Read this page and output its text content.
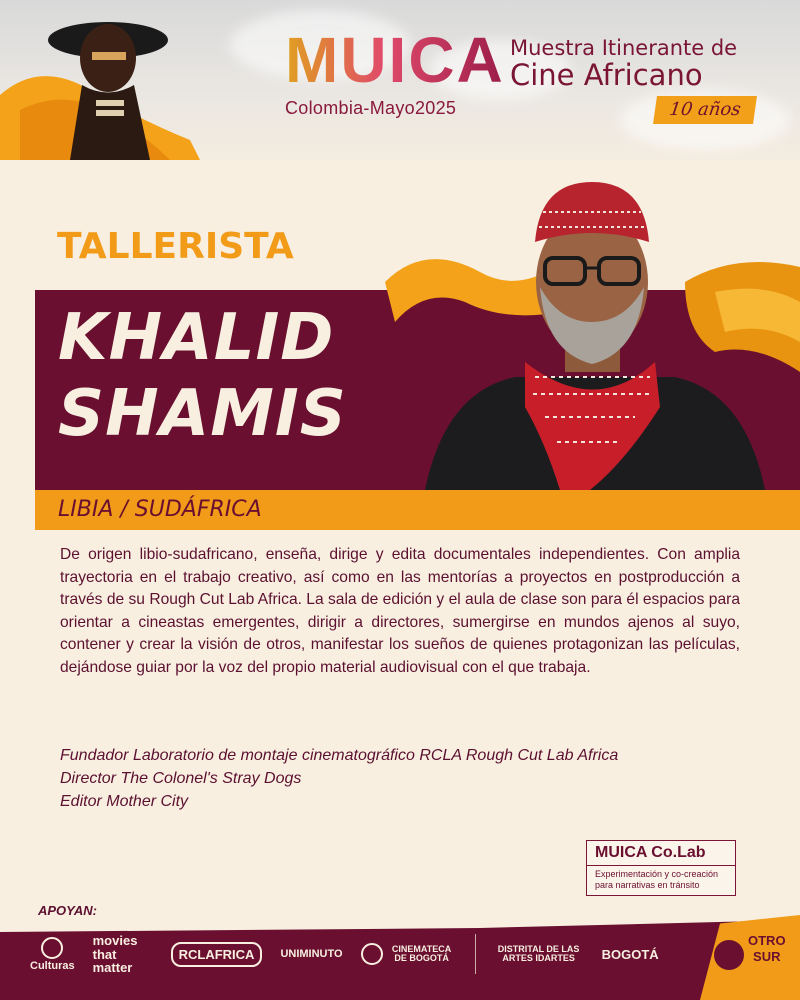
MUICA
Colombia-Mayo2025
Muestra Itinerante de
Cine Africano
10 años
TALLERISTA
KHALID
SHAMIS
LIBIA / SUDÁFRICA

De origen libio-sudafricano, enseña, dirige y edita documentales independientes. Con amplia trayectoria en el trabajo creativo, así como en las mentorías a proyectos en postproducción a través de su Rough Cut Lab Africa. La sala de edición y el aula de clase son para él espacios para orientar a cineastas emergentes, dirigir a directores, sumergirse en mundos ajenos al suyo, contener y crear la visión de otros, manifestar los sueños de quienes protagonizan las películas, dejándose guiar por la voz del propio material audiovisual con el que trabaja.

Fundador Laboratorio de montaje cinematográfico RCLA Rough Cut Lab Africa
Director The Colonel's Stray Dogs
Editor Mother City
MUICA Co.Lab
Experimentación y co-creación
para narrativas en tránsito
APOYAN:
Culturas
movies that matter
RCLAFRICA	UNIMINUTO	CINEMATECA DE BOGOTÁ
DISTRITAL DE LAS ARTES IDARTES	BOGOTÁ
OTRO
SUR
